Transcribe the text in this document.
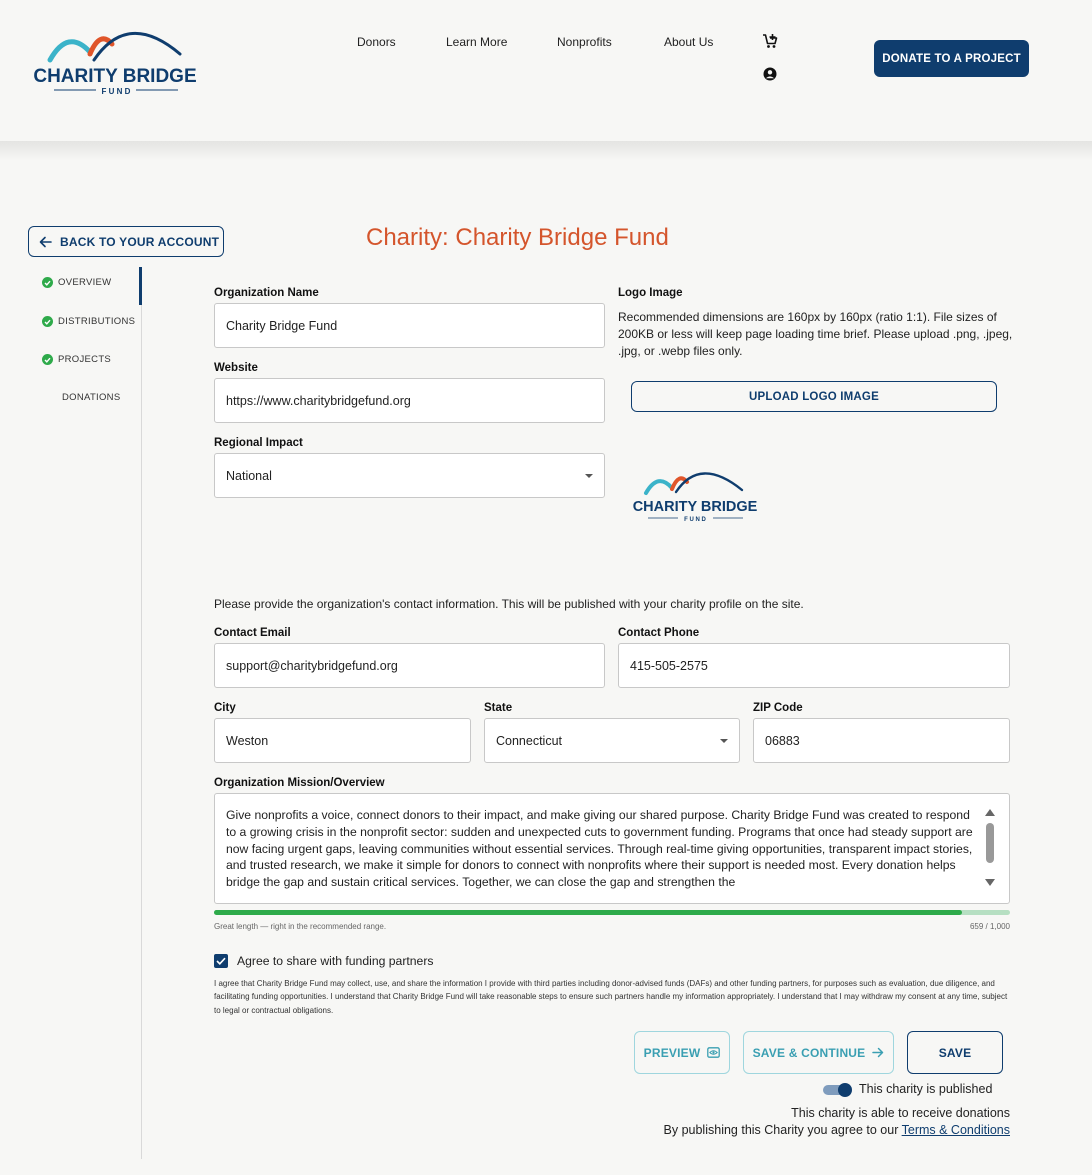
CHARITY BRIDGE
F U N D
Donors	Learn More	Nonprofits	About Us
DONATE TO A PROJECT
BACK TO YOUR ACCOUNT	Charity: Charity Bridge Fund
OVERVIEW
DISTRIBUTIONS
PROJECTS
DONATIONS
Organization Name
Charity Bridge Fund
Website
https://www.charitybridgefund.org
Regional Impact
National
Logo Image
Recommended dimensions are 160px by 160px (ratio 1:1). File sizes of 200KB or less will keep page loading time brief. Please upload .png, .jpeg, .jpg, or .webp files only.
UPLOAD LOGO IMAGE
CHARITY BRIDGE
F U N D
Please provide the organization's contact information. This will be published with your charity profile on the site.
Contact Email
support@charitybridgefund.org
Contact Phone
415-505-2575
City
Weston
State
Connecticut
ZIP Code
06883
Organization Mission/Overview
Give nonprofits a voice, connect donors to their impact, and make giving our shared purpose. Charity Bridge Fund was created to respond to a growing crisis in the nonprofit sector: sudden and unexpected cuts to government funding. Programs that once had steady support are now facing urgent gaps, leaving communities without essential services. Through real-time giving opportunities, transparent impact stories, and trusted research, we make it simple for donors to connect with nonprofits where their support is needed most. Every donation helps bridge the gap and sustain critical services. Together, we can close the gap and strengthen the
Great length — right in the recommended range.	659 / 1,000
Agree to share with funding partners
I agree that Charity Bridge Fund may collect, use, and share the information I provide with third parties including donor-advised funds (DAFs) and other funding partners, for purposes such as evaluation, due diligence, and facilitating funding opportunities. I understand that Charity Bridge Fund will take reasonable steps to ensure such partners handle my information appropriately. I understand that I may withdraw my consent at any time, subject to legal or contractual obligations.
PREVIEW	SAVE & CONTINUE	SAVE
This charity is published
This charity is able to receive donations
By publishing this Charity you agree to our Terms & Conditions
